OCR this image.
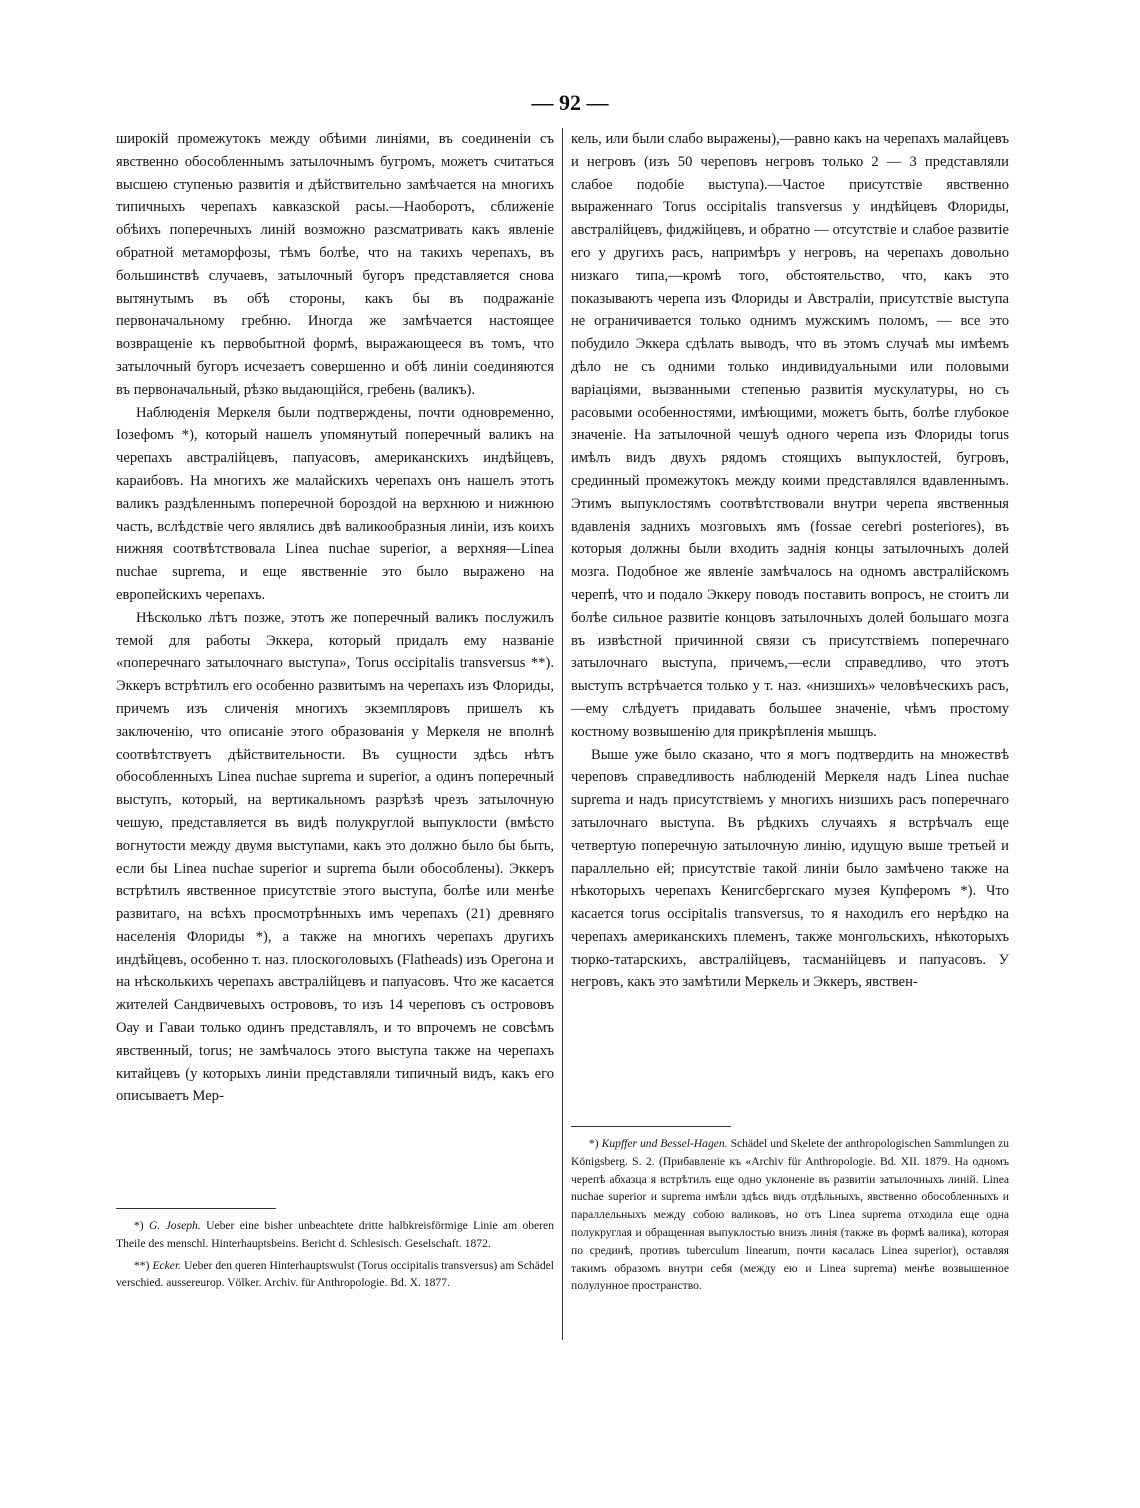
— 92 —

широкій промежутокъ между обѣими линіями, въ соединеніи съ явственно обособленнымъ затылочнымъ бугромъ, можетъ считаться высшею ступенью развитія и дѣйствительно замѣчается на многихъ типичныхъ черепахъ кавказской расы.—Наоборотъ, сближеніе обѣихъ поперечныхъ линій возможно разсматривать какъ явленіе обратной метаморфозы, тѣмъ болѣе, что на такихъ черепахъ, въ большинствѣ случаевъ, затылочный бугоръ представляется снова вытянутымъ въ обѣ стороны, какъ бы въ подражаніе первоначальному гребню. Иногда же замѣчается настоящее возвращеніе къ первобытной формѣ, выражающееся въ томъ, что затылочный бугоръ исчезаетъ совершенно и обѣ линіи соединяются въ первоначальный, рѣзко выдающійся, гребень (валикъ).

Наблюденія Меркеля были подтверждены, почти одновременно, Іозефомъ *), который нашелъ упомянутый поперечный валикъ на черепахъ австралійцевъ, папуасовъ, американскихъ индѣйцевъ, караибовъ. На многихъ же малайскихъ черепахъ онъ нашелъ этотъ валикъ раздѣленнымъ поперечной бороздой на верхнюю и нижнюю часть, вслѣдствіе чего являлись двѣ валикообразныя линіи, изъ коихъ нижняя соотвѣтствовала Linea nuchae superior, а верхняя—Linea nuchae suprema, и еще явственніе это было выражено на европейскихъ черепахъ.

Нѣсколько лѣтъ позже, этотъ же поперечный валикъ послужилъ темой для работы Эккера, который придалъ ему названіе «поперечнаго затылочнаго выступа», Torus occipitalis transversus **). Эккеръ встрѣтилъ его особенно развитымъ на черепахъ изъ Флориды, причемъ изъ сличенія многихъ экземпляровъ пришелъ къ заключенію, что описаніе этого образованія у Меркеля не вполнѣ соотвѣтствуетъ дѣйствительности. Въ сущности здѣсь нѣтъ обособленныхъ Linea nuchae suprema и superior, а одинъ поперечный выступъ, который, на вертикальномъ разрѣзѣ чрезъ затылочную чешую, представляется въ видѣ полукруглой выпуклости (вмѣсто вогнутости между двумя выступами, какъ это должно было бы быть, если бы Linea nuchae superior и suprema были обособлены). Эккеръ встрѣтилъ явственное присутствіе этого выступа, болѣе или менѣе развитаго, на всѣхъ просмотрѣнныхъ имъ черепахъ (21) древняго населенія Флориды *), а также на многихъ черепахъ другихъ индѣйцевъ, особенно т. наз. плоскоголовыхъ (Flatheads) изъ Орегона и на нѣсколькихъ черепахъ австралійцевъ и папуасовъ. Что же касается жителей Сандвичевыхъ острововъ, то изъ 14 череповъ съ острововъ Оау и Гаваи только одинъ представлялъ, и то впрочемъ не совсѣмъ явственный, torus; не замѣчалось этого выступа также на черепахъ китайцевъ (у которыхъ линіи представляли типичный видъ, какъ его описываетъ Мер-

кель, или были слабо выражены),—равно какъ на черепахъ малайцевъ и негровъ (изъ 50 череповъ негровъ только 2 — 3 представляли слабое подобіе выступа).—Частое присутствіе явственно выраженнаго Torus occipitalis transversus у индѣйцевъ Флориды, австралійцевъ, фиджійцевъ, и обратно — отсутствіе и слабое развитіе его у другихъ расъ, напримѣръ у негровъ, на черепахъ довольно низкаго типа,—кромѣ того, обстоятельство, что, какъ это показываютъ черепа изъ Флориды и Австраліи, присутствіе выступа не ограничивается только однимъ мужскимъ поломъ, — все это побудило Эккера сдѣлать выводъ, что въ этомъ случаѣ мы имѣемъ дѣло не съ одними только индивидуальными или половыми варіаціями, вызванными степенью развитія мускулатуры, но съ расовыми особенностями, имѣющими, можетъ быть, болѣе глубокое значеніе. На затылочной чешуѣ одного черепа изъ Флориды torus имѣлъ видъ двухъ рядомъ стоящихъ выпуклостей, бугровъ, срединный промежутокъ между коими представлялся вдавленнымъ. Этимъ выпуклостямъ соотвѣтствовали внутри черепа явственныя вдавленія заднихъ мозговыхъ ямъ (fossae cerebri posteriores), въ которыя должны были входить заднія концы затылочныхъ долей мозга. Подобное же явленіе замѣчалось на одномъ австралійскомъ черепѣ, что и подало Эккеру поводъ поставить вопросъ, не стоитъ ли болѣе сильное развитіе концовъ затылочныхъ долей большаго мозга въ извѣстной причинной связи съ присутствіемъ поперечнаго затылочнаго выступа, причемъ,—если справедливо, что этотъ выступъ встрѣчается только у т. наз. «низшихъ» человѣческихъ расъ,—ему слѣдуетъ придавать большее значеніе, чѣмъ простому костному возвышенію для прикрѣпленія мышцъ.

Выше уже было сказано, что я могъ подтвердить на множествѣ череповъ справедливость наблюденій Меркеля надъ Linea nuchae suprema и надъ присутствіемъ у многихъ низшихъ расъ поперечнаго затылочнаго выступа. Въ рѣдкихъ случаяхъ я встрѣчалъ еще четвертую поперечную затылочную линію, идущую выше третьей и параллельно ей; присутствіе такой линіи было замѣчено также на нѣкоторыхъ черепахъ Кенигсбергскаго музея Купферомъ *). Что касается torus occipitalis transversus, то я находилъ его нерѣдко на черепахъ американскихъ племенъ, также монгольскихъ, нѣкоторыхъ тюрко-татарскихъ, австралійцевъ, тасманійцевъ и папуасовъ. У негровъ, какъ это замѣтили Меркель и Эккеръ, явствен-

*) G. Joseph. Ueber eine bisher unbeachtete dritte halbkreisförmige Linie am oberen Theile des menschl. Hinterhauptsbeins. Bericht d. Schlesisch. Geselschaft. 1872.

**) Ecker. Ueber den queren Hinterhauptswulst (Torus occipitalis transversus) am Schädel verschied. aussereurop. Völker. Archiv. für Anthropologie. Bd. X. 1877.

*) Kupffer und Bessel-Hagen. Schädel und Skelete der anthropologischen Sammlungen zu Königsberg. S. 2. (Прибавленіе къ «Archiv für Anthropologie. Bd. XII. 1879. На одномъ черепѣ абхазца я встрѣтилъ еще одно уклоненіе въ развитіи затылочныхъ линій. Linea nuchae superior и suprema имѣли здѣсь видъ отдѣльныхъ, явственно обособленныхъ и параллельныхъ между собою валиковъ, но отъ Linea suprema отходила еще одна полукруглая и обращенная выпуклостью внизъ линія (также въ формѣ валика), которая по срединѣ, противъ tuberculum linearum, почти касалась Linea superior), оставляя такимъ образомъ внутри себя (между ею и Linea suprema) менѣе возвышенное полулунное пространство.
